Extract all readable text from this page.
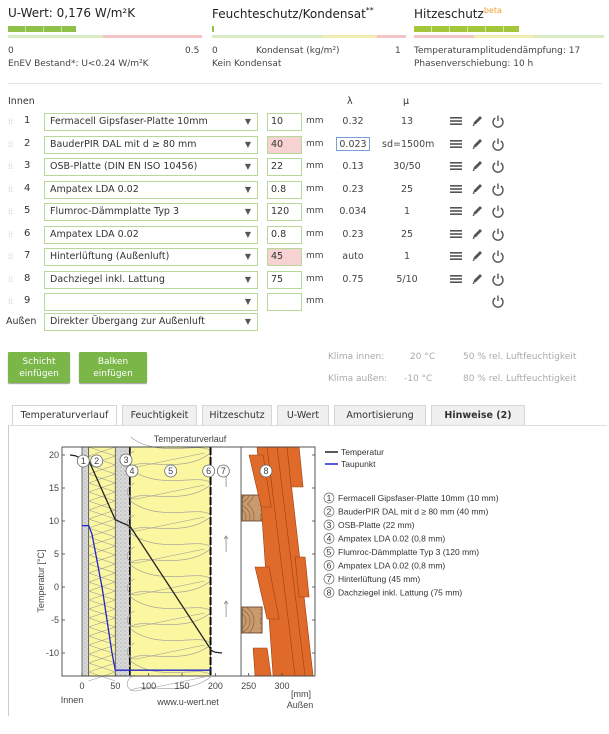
U-Wert: 0,176 W/m²K
0	0.5
EnEV Bestand*: U<0.24 W/m²K
Feuchteschutz/Kondensat**
0	Kondensat (kg/m²)	1
Kein Kondensat
Hitzeschutz$^{beta}$
Temperaturamplitudendämpfung: 17
Phasenverschiebung: 10 h
Innen	λ	μ
⁞⁞ 1	Fermacell Gipsfaser-Platte 10mm	▼	10	mm	0.32	13
⁞⁞ 2	BauderPIR DAL mit d ≥ 80 mm	▼	40	mm	0.023	sd=1500m
⁞⁞ 3	OSB-Platte (DIN EN ISO 10456)	▼	22	mm	0.13	30/50
⁞⁞ 4	Ampatex LDA 0.02	▼	0.8	mm	0.23	25
⁞⁞ 5	Flumroc-Dämmplatte Typ 3	▼	120	mm	0.034	1
⁞⁞ 6	Ampatex LDA 0.02	▼	0.8	mm	0.23	25
⁞⁞ 7	Hinterlüftung (Außenluft)	▼	45	mm	auto	1
⁞⁞ 8	Dachziegel inkl. Lattung	▼	75	mm	0.75	5/10
⁞⁞ 9	▼	mm
Außen	Direkter Übergang zur Außenluft	▼
Schicht
einfügen
Balken
einfügen
Klima innen:	20 °C	50 % rel. Luftfeuchtigkeit
Klima außen: -10 °C	80 % rel. Luftfeuchtigkeit
Temperaturverlauf	Feuchtigkeit	Hitzeschutz	U-Wert	Amortisierung	Hinweise (2)
Temperaturverlauf
1 2	3
4	5	6 7	8
20
15
10
5
0
-5
-10
0	50 100 150 200 250 300
Temperatur [°C]
Innen	www.u-wert.net
[mm]
Außen
Temperatur
Taupunkt
1 Fermacell Gipsfaser-Platte 10mm (10 mm)
2 BauderPIR DAL mit d ≥ 80 mm (40 mm)
3 OSB-Platte (22 mm)
4 Ampatex LDA 0.02 (0,8 mm)
5 Flumroc-Dämmplatte Typ 3 (120 mm)
6 Ampatex LDA 0.02 (0,8 mm)
7 Hinterlüftung (45 mm)
8 Dachziegel inkl. Lattung (75 mm)
